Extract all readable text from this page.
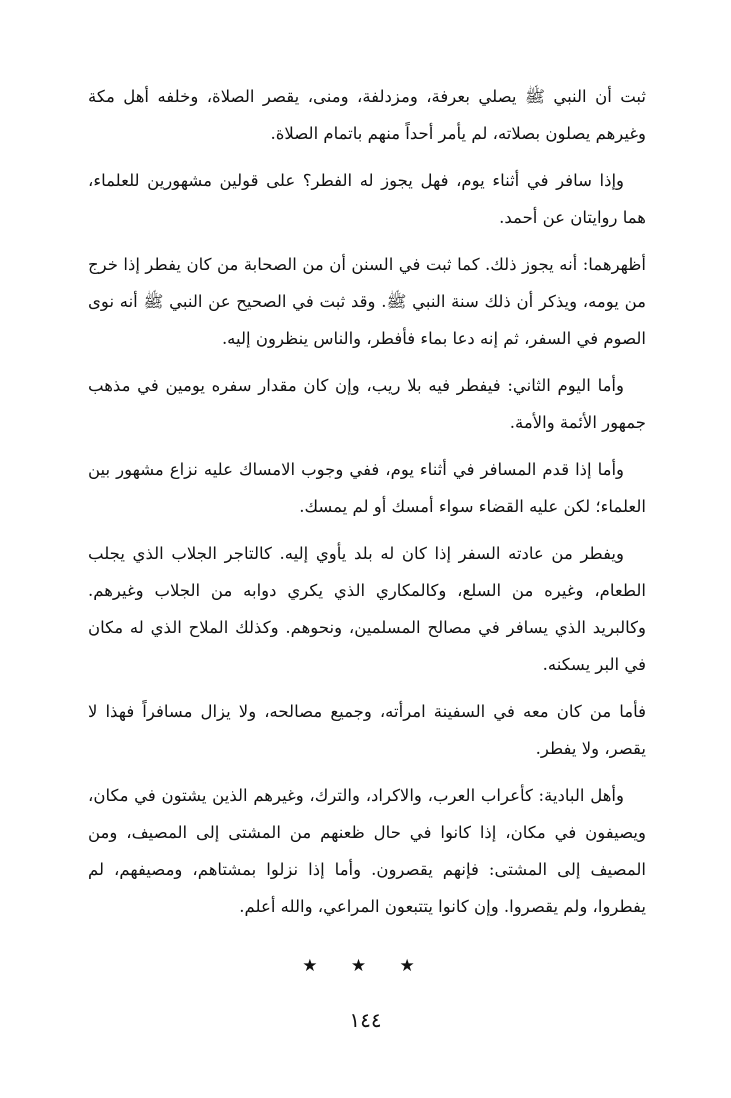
ثبت أن النبي ﷺ يصلي بعرفة، ومزدلفة، ومنى، يقصر الصلاة، وخلفه أهل مكة وغيرهم يصلون بصلاته، لم يأمر أحداً منهم باتمام الصلاة.

وإذا سافر في أثناء يوم، فهل يجوز له الفطر؟ على قولين مشهورين للعلماء، هما روايتان عن أحمد.

أظهرهما: أنه يجوز ذلك. كما ثبت في السنن أن من الصحابة من كان يفطر إذا خرج من يومه، ويذكر أن ذلك سنة النبي ﷺ. وقد ثبت في الصحيح عن النبي ﷺ أنه نوى الصوم في السفر، ثم إنه دعا بماء فأفطر، والناس ينظرون إليه.

وأما اليوم الثاني: فيفطر فيه بلا ريب، وإن كان مقدار سفره يومين في مذهب جمهور الأئمة والأمة.

وأما إذا قدم المسافر في أثناء يوم، ففي وجوب الامساك عليه نزاع مشهور بين العلماء؛ لكن عليه القضاء سواء أمسك أو لم يمسك.

ويفطر من عادته السفر إذا كان له بلد يأوي إليه. كالتاجر الجلاب الذي يجلب الطعام، وغيره من السلع، وكالمكاري الذي يكري دوابه من الجلاب وغيرهم. وكالبريد الذي يسافر في مصالح المسلمين، ونحوهم. وكذلك الملاح الذي له مكان في البر يسكنه.

فأما من كان معه في السفينة امرأته، وجميع مصالحه، ولا يزال مسافراً فهذا لا يقصر، ولا يفطر.

وأهل البادية: كأعراب العرب، والاكراد، والترك، وغيرهم الذين يشتون في مكان، ويصيفون في مكان، إذا كانوا في حال ظعنهم من المشتى إلى المصيف، ومن المصيف إلى المشتى: فإنهم يقصرون. وأما إذا نزلوا بمشتاهم، ومصيفهم، لم يفطروا، ولم يقصروا. وإن كانوا يتتبعون المراعي، والله أعلم.

★ ★ ★
١٤٤
